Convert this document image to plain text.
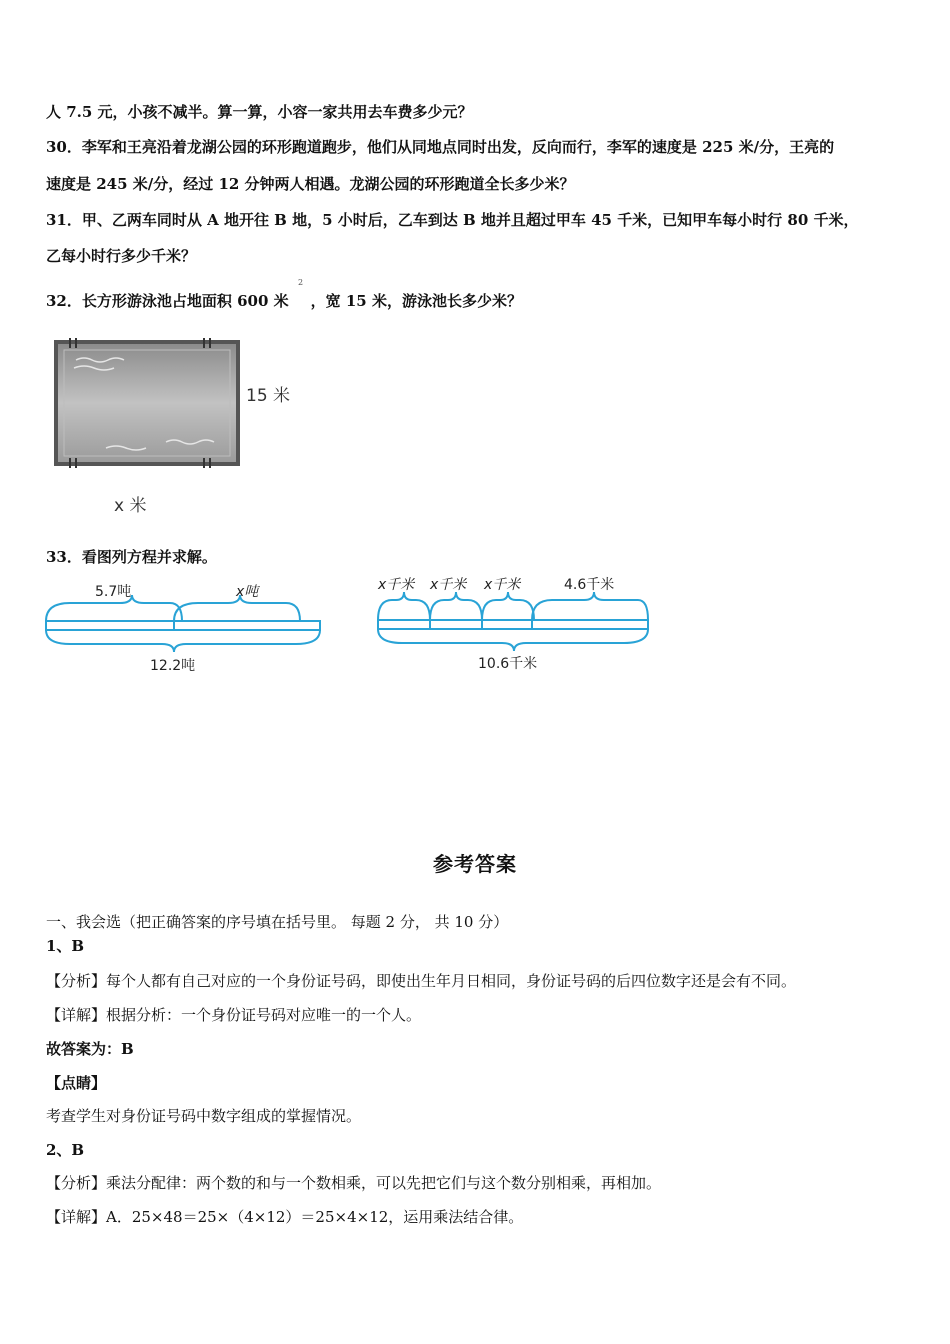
人 7.5 元，小孩不减半。算一算，小容一家共用去车费多少元？
30．李军和王亮沿着龙湖公园的环形跑道跑步，他们从同地点同时出发，反向而行，李军的速度是 225 米/分，王亮的
速度是 245 米/分，经过 12 分钟两人相遇。龙湖公园的环形跑道全长多少米？
31．甲、乙两车同时从 A 地开往 B 地，5 小时后，乙车到达 B 地并且超过甲车 45 千米，已知甲车每小时行 80 千米，
乙每小时行多少千米？
32．长方形游泳池占地面积 600 米 ，宽 15 米，游泳池长多少米？
2
15 米
x 米
33．看图列方程并求解。
5.7吨	x吨
12.2吨
x千米 x千米 x千米	4.6千米
10.6千米
参考答案
一、我会选（把正确答案的序号填在括号里。 每题 2 分， 共 10 分）
1、B
【分析】每个人都有自己对应的一个身份证号码，即使出生年月日相同，身份证号码的后四位数字还是会有不同。
【详解】根据分析：一个身份证号码对应唯一的一个人。
故答案为：B
【点睛】
考查学生对身份证号码中数字组成的掌握情况。
2、B
【分析】乘法分配律：两个数的和与一个数相乘，可以先把它们与这个数分别相乘，再相加。
【详解】A．25×48＝25×（4×12）＝25×4×12，运用乘法结合律。
